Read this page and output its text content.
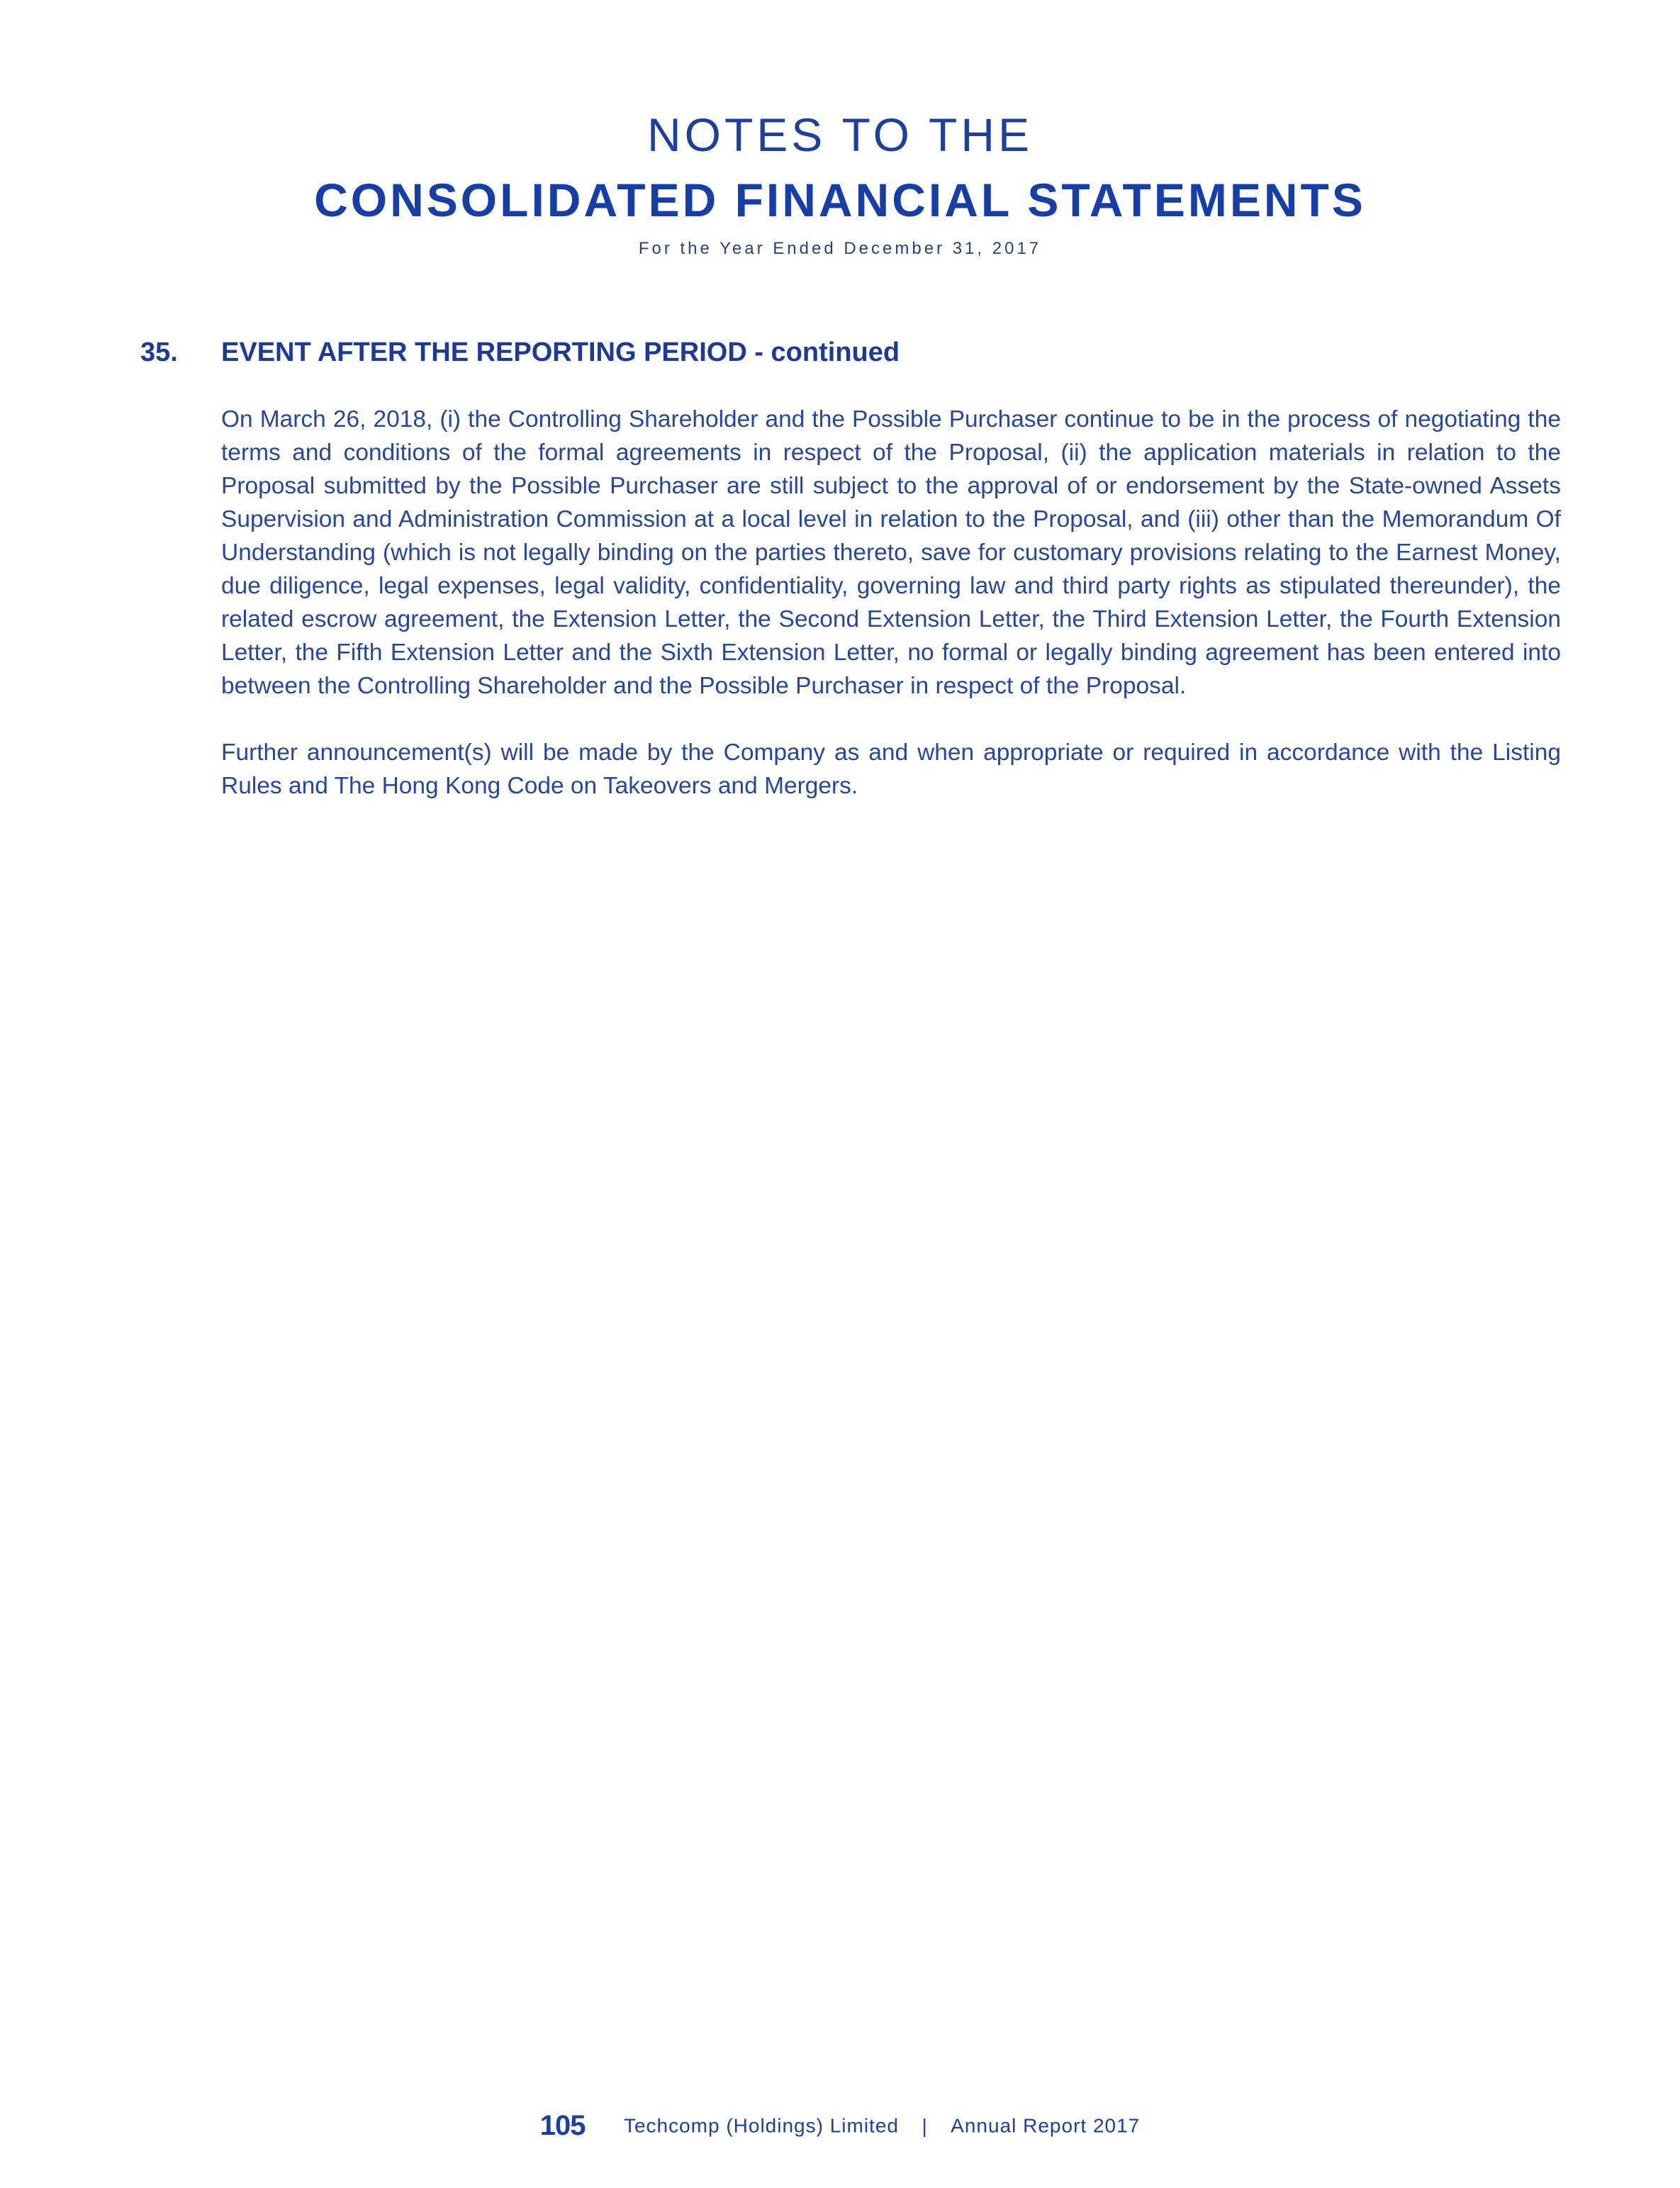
NOTES TO THE
CONSOLIDATED FINANCIAL STATEMENTS
For the Year Ended December 31, 2017
35. EVENT AFTER THE REPORTING PERIOD - continued

On March 26, 2018, (i) the Controlling Shareholder and the Possible Purchaser continue to be in the process of negotiating the terms and conditions of the formal agreements in respect of the Proposal, (ii) the application materials in relation to the Proposal submitted by the Possible Purchaser are still subject to the approval of or endorsement by the State-owned Assets Supervision and Administration Commission at a local level in relation to the Proposal, and (iii) other than the Memorandum Of Understanding (which is not legally binding on the parties thereto, save for customary provisions relating to the Earnest Money, due diligence, legal expenses, legal validity, confidentiality, governing law and third party rights as stipulated thereunder), the related escrow agreement, the Extension Letter, the Second Extension Letter, the Third Extension Letter, the Fourth Extension Letter, the Fifth Extension Letter and the Sixth Extension Letter, no formal or legally binding agreement has been entered into between the Controlling Shareholder and the Possible Purchaser in respect of the Proposal.

Further announcement(s) will be made by the Company as and when appropriate or required in accordance with the Listing Rules and The Hong Kong Code on Takeovers and Mergers.

105 Techcomp (Holdings) Limited | Annual Report 2017
